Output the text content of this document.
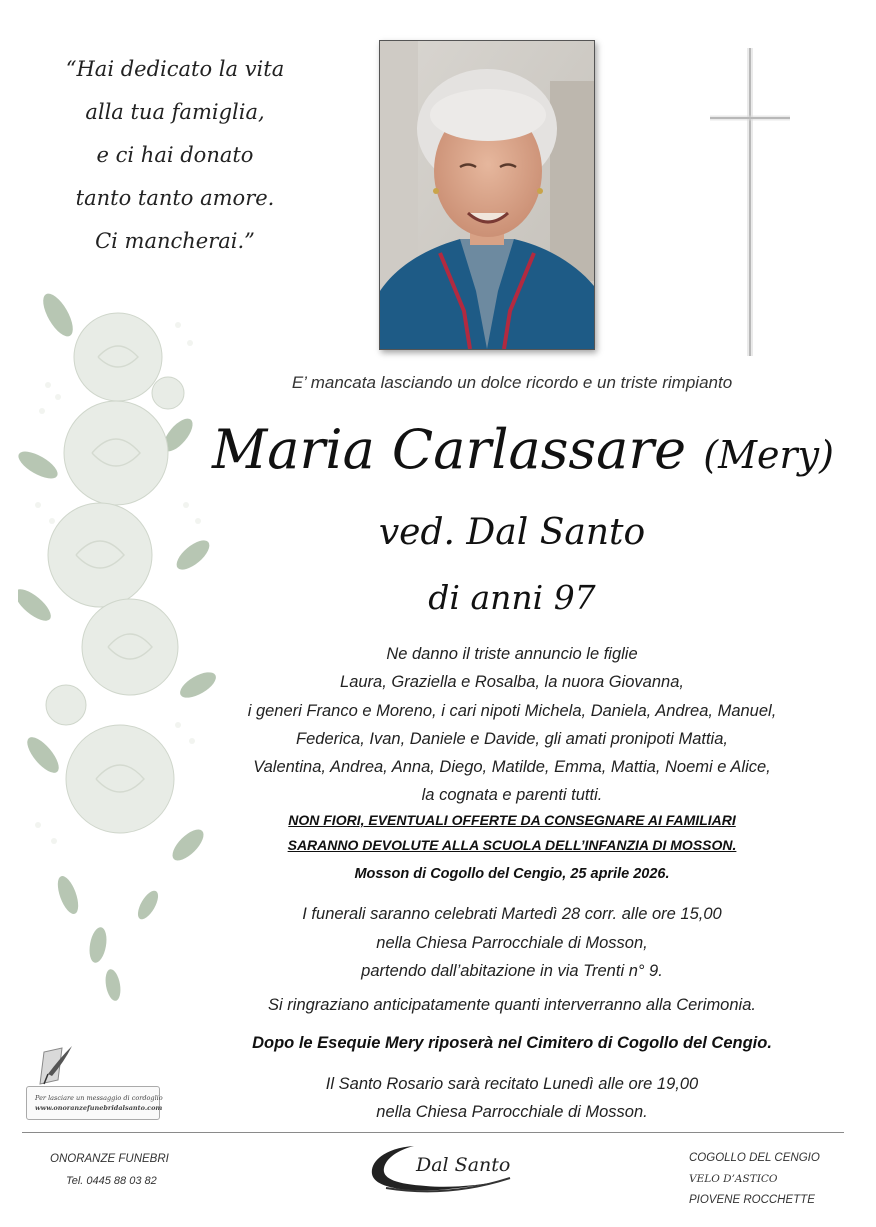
“Hai dedicato la vita
alla tua famiglia,
e ci hai donato
tanto tanto amore.
Ci mancherai.”
E’ mancata lasciando un dolce ricordo e un triste rimpianto
Maria Carlassare (Mery)
ved. Dal Santo
di anni 97
Ne danno il triste annuncio le figlie
Laura, Graziella e Rosalba, la nuora Giovanna,
i generi Franco e Moreno, i cari nipoti Michela, Daniela, Andrea, Manuel,
Federica, Ivan, Daniele e Davide, gli amati pronipoti Mattia,
Valentina, Andrea, Anna, Diego, Matilde, Emma, Mattia, Noemi e Alice,
la cognata e parenti tutti.
NON FIORI, EVENTUALI OFFERTE DA CONSEGNARE AI FAMILIARI
SARANNO DEVOLUTE ALLA SCUOLA DELL’INFANZIA DI MOSSON.
Mosson di Cogollo del Cengio, 25 aprile 2026.
I funerali saranno celebrati Martedì 28 corr. alle ore 15,00
nella Chiesa Parrocchiale di Mosson,
partendo dall’abitazione in via Trenti n° 9.
Si ringraziano anticipatamente quanti interverranno alla Cerimonia.
Dopo le Esequie Mery riposerà nel Cimitero di Cogollo del Cengio.
Il Santo Rosario sarà recitato Lunedì alle ore 19,00
nella Chiesa Parrocchiale di Mosson.
Per lasciare un messaggio di cordoglio
www.onoranzefunebridalsanto.com
ONORANZE FUNEBRI
Tel. 0445 88 03 82
Dal Santo	COGOLLO DEL CENGIO
VELO D’ASTICO
PIOVENE ROCCHETTE
